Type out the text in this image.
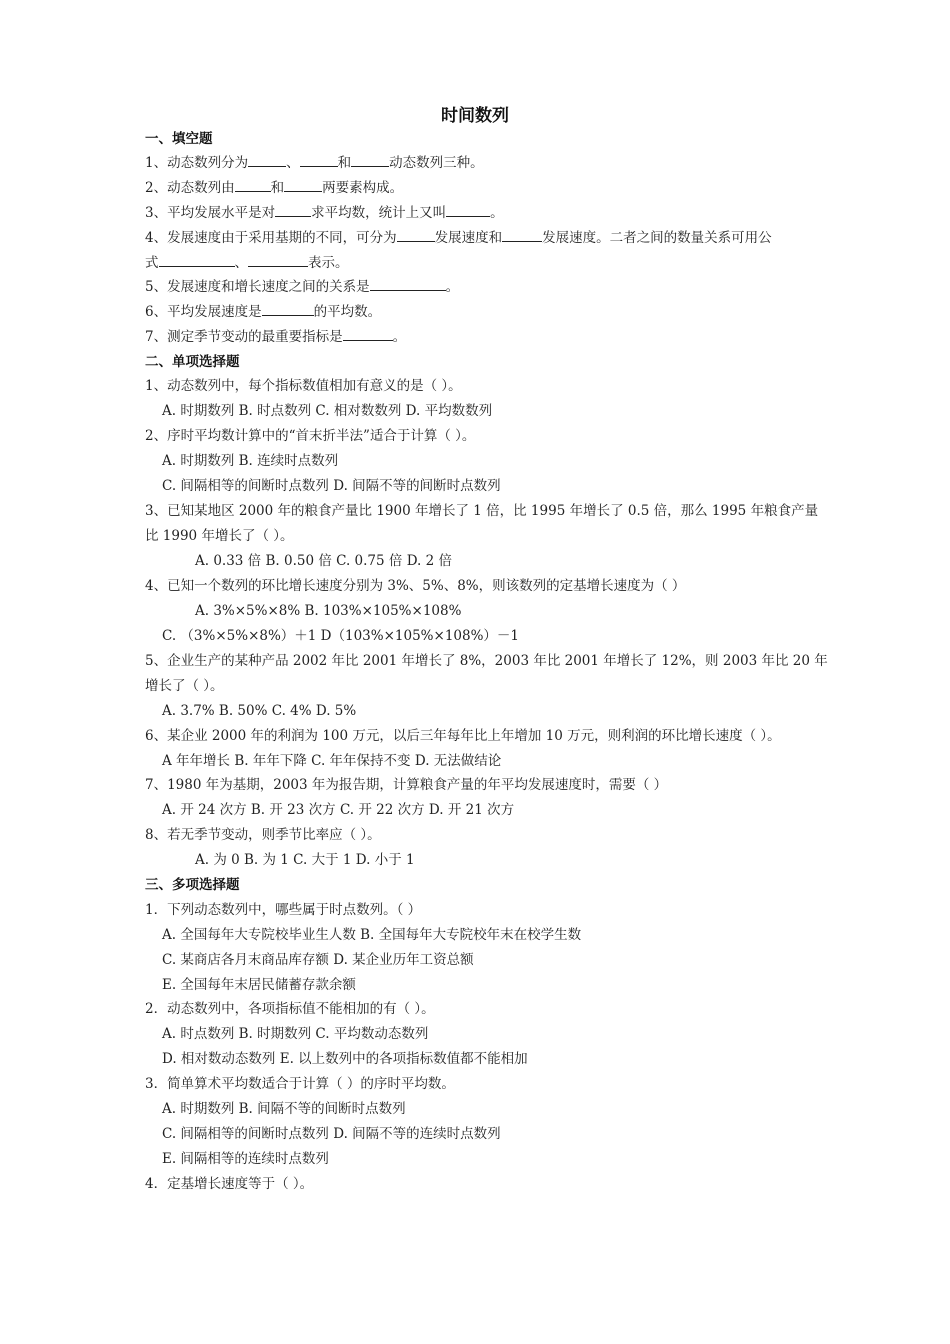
时间数列
一、填空题
1、动态数列分为	、	和	动态数列三种。
2、动态数列由	和	两要素构成。
3、平均发展水平是对	求平均数，统计上又叫	。
4、发展速度由于采用基期的不同，可分为	发展速度和	发展速度。二者之间的数量关系可用公
式	、	表示。
5、发展速度和增长速度之间的关系是	。
6、平均发展速度是	的平均数。
7、测定季节变动的最重要指标是	。
二、单项选择题
1、动态数列中，每个指标数值相加有意义的是（ ）。
A. 时期数列 B. 时点数列 C. 相对数数列 D. 平均数数列
2、序时平均数计算中的“首末折半法”适合于计算（ ）。
A. 时期数列 B. 连续时点数列
C. 间隔相等的间断时点数列 D. 间隔不等的间断时点数列
3、已知某地区 2000 年的粮食产量比 1900 年增长了 1 倍，比 1995 年增长了 0.5 倍，那么 1995 年粮食产量
比 1990 年增长了（ ）。
A. 0.33 倍 B. 0.50 倍 C. 0.75 倍 D. 2 倍
4、已知一个数列的环比增长速度分别为 3%、5%、8%，则该数列的定基增长速度为（ ）
A. 3%×5%×8% B. 103%×105%×108%
C. （3%×5%×8%）＋1 D（103%×105%×108%）－1
5、企业生产的某种产品 2002 年比 2001 年增长了 8%，2003 年比 2001 年增长了 12%，则 2003 年比 20 年
增长了（ ）。
A. 3.7% B. 50% C. 4% D. 5%
6、某企业 2000 年的利润为 100 万元，以后三年每年比上年增加 10 万元，则利润的环比增长速度（ ）。
A 年年增长 B. 年年下降 C. 年年保持不变 D. 无法做结论
7、1980 年为基期，2003 年为报告期，计算粮食产量的年平均发展速度时，需要（ ）
A. 开 24 次方 B. 开 23 次方 C. 开 22 次方 D. 开 21 次方
8、若无季节变动，则季节比率应（ ）。
A. 为 0 B. 为 1 C. 大于 1 D. 小于 1
三、多项选择题
1．下列动态数列中，哪些属于时点数列。（ ）
A. 全国每年大专院校毕业生人数 B. 全国每年大专院校年末在校学生数
C. 某商店各月末商品库存额 D. 某企业历年工资总额
E. 全国每年末居民储蓄存款余额
2．动态数列中，各项指标值不能相加的有（ ）。
A. 时点数列 B. 时期数列 C. 平均数动态数列
D. 相对数动态数列 E. 以上数列中的各项指标数值都不能相加
3．简单算术平均数适合于计算（ ）的序时平均数。
A. 时期数列 B. 间隔不等的间断时点数列
C. 间隔相等的间断时点数列 D. 间隔不等的连续时点数列
E. 间隔相等的连续时点数列
4．定基增长速度等于（ ）。
